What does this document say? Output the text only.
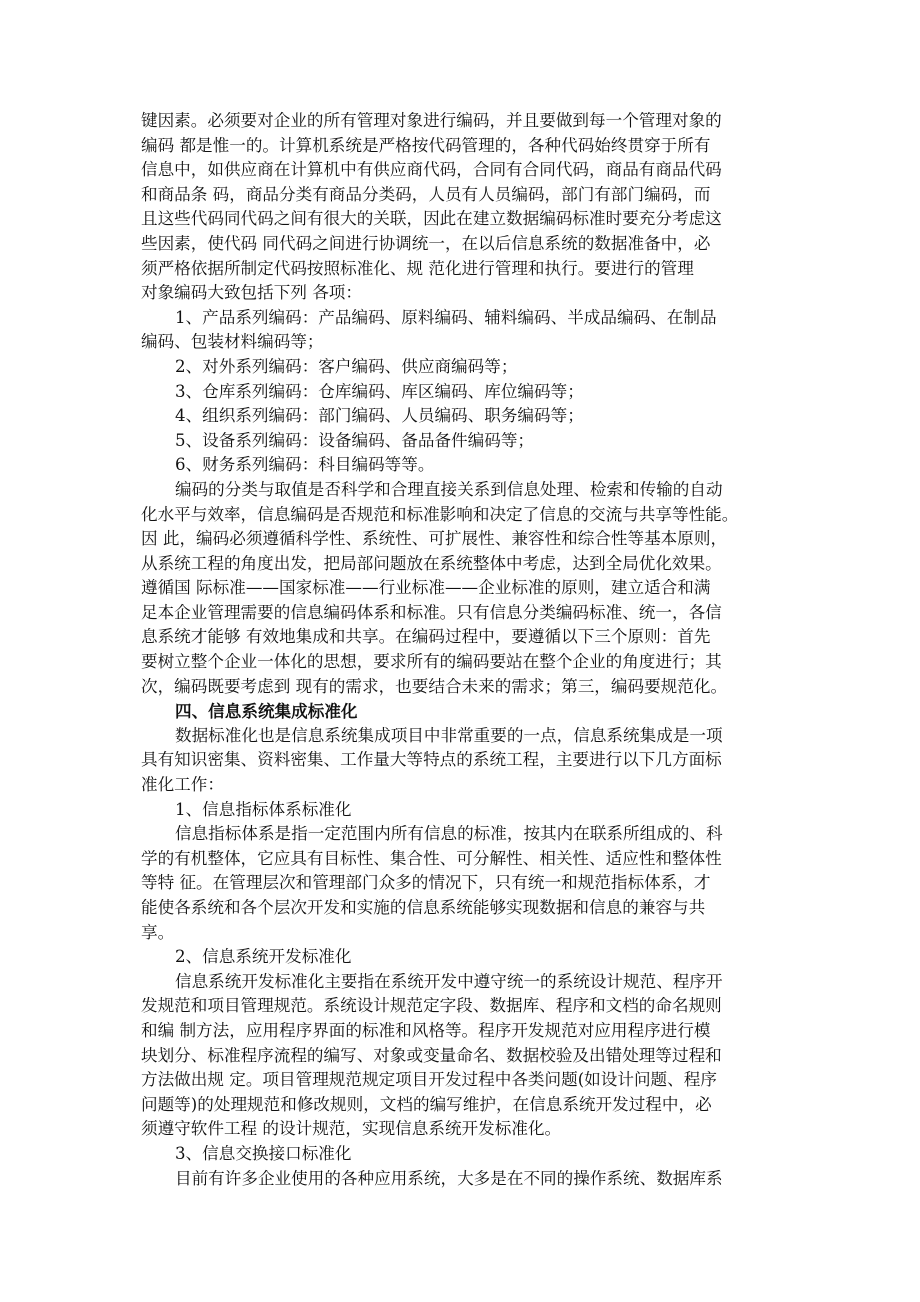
键因素。必须要对企业的所有管理对象进行编码，并且要做到每一个管理对象的
编码 都是惟一的。计算机系统是严格按代码管理的，各种代码始终贯穿于所有
信息中，如供应商在计算机中有供应商代码，合同有合同代码，商品有商品代码
和商品条 码，商品分类有商品分类码，人员有人员编码，部门有部门编码，而
且这些代码同代码之间有很大的关联，因此在建立数据编码标准时要充分考虑这
些因素，使代码 同代码之间进行协调统一，在以后信息系统的数据准备中，必
须严格依据所制定代码按照标准化、规 范化进行管理和执行。要进行的管理
对象编码大致包括下列 各项：
1、产品系列编码：产品编码、原料编码、辅料编码、半成品编码、在制品
编码、包装材料编码等；
2、对外系列编码：客户编码、供应商编码等；
3、仓库系列编码：仓库编码、库区编码、库位编码等；
4、组织系列编码：部门编码、人员编码、职务编码等；
5、设备系列编码：设备编码、备品备件编码等；
6、财务系列编码：科目编码等等。
编码的分类与取值是否科学和合理直接关系到信息处理、检索和传输的自动
化水平与效率，信息编码是否规范和标准影响和决定了信息的交流与共享等性能。
因 此，编码必须遵循科学性、系统性、可扩展性、兼容性和综合性等基本原则，
从系统工程的角度出发，把局部问题放在系统整体中考虑，达到全局优化效果。
遵循国 际标准——国家标准——行业标准——企业标准的原则，建立适合和满
足本企业管理需要的信息编码体系和标准。只有信息分类编码标准、统一，各信
息系统才能够 有效地集成和共享。在编码过程中，要遵循以下三个原则：首先
要树立整个企业一体化的思想，要求所有的编码要站在整个企业的角度进行；其
次，编码既要考虑到 现有的需求，也要结合未来的需求；第三，编码要规范化。
四、信息系统集成标准化
数据标准化也是信息系统集成项目中非常重要的一点，信息系统集成是一项
具有知识密集、资料密集、工作量大等特点的系统工程，主要进行以下几方面标
准化工作：
1、信息指标体系标准化
信息指标体系是指一定范围内所有信息的标准，按其内在联系所组成的、科
学的有机整体，它应具有目标性、集合性、可分解性、相关性、适应性和整体性
等特 征。在管理层次和管理部门众多的情况下，只有统一和规范指标体系，才
能使各系统和各个层次开发和实施的信息系统能够实现数据和信息的兼容与共
享。
2、信息系统开发标准化
信息系统开发标准化主要指在系统开发中遵守统一的系统设计规范、程序开
发规范和项目管理规范。系统设计规范定字段、数据库、程序和文档的命名规则
和编 制方法，应用程序界面的标准和风格等。程序开发规范对应用程序进行模
块划分、标准程序流程的编写、对象或变量命名、数据校验及出错处理等过程和
方法做出规 定。项目管理规范规定项目开发过程中各类问题(如设计问题、程序
问题等)的处理规范和修改规则，文档的编写维护，在信息系统开发过程中，必
须遵守软件工程 的设计规范，实现信息系统开发标准化。
3、信息交换接口标准化
目前有许多企业使用的各种应用系统，大多是在不同的操作系统、数据库系
